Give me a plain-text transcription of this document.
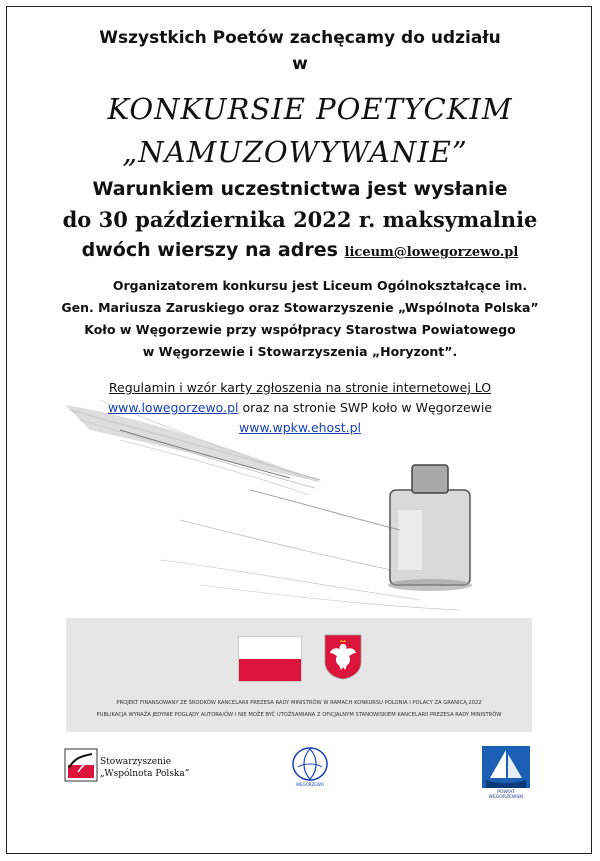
Wszystkich Poetów zachęcamy do udziału
w
KONKURSIE POETYCKIM
„NAMUZOWYWANIE”
Warunkiem uczestnictwa jest wysłanie
do 30 października 2022 r. maksymalnie
dwóch wierszy na adres liceum@lowegorzewo.pl
Organizatorem konkursu jest Liceum Ogólnokształcące im.
Gen. Mariusza Zaruskiego oraz Stowarzyszenie „Wspólnota Polska”
Koło w Węgorzewie przy współpracy Starostwa Powiatowego
w Węgorzewie i Stowarzyszenia „Horyzont”.
Regulamin i wzór karty zgłoszenia na stronie internetowej LO
www.lowegorzewo.pl oraz na stronie SWP koło w Węgorzewie
www.wpkw.ehost.pl
PROJEKT FINANSOWANY ZE ŚRODKÓW KANCELARII PREZESA RADY MINISTRÓW W RAMACH KONKURSU POLONIA I POLACY ZA GRANICĄ 2022
PUBLIKACJA WYRAŻA JEDYNIE POGLĄDY AUTORA/ÓW I NIE MOŻE BYĆ UTOŻSAMIANA Z OFICJALNYM STANOWISKIEM KANCELARII PREZESA RADY MINISTRÓW
Stowarzyszenie
„Wspólnota Polska”
WĘGORZEWO
POWIAT
WĘGORZEWSKI
